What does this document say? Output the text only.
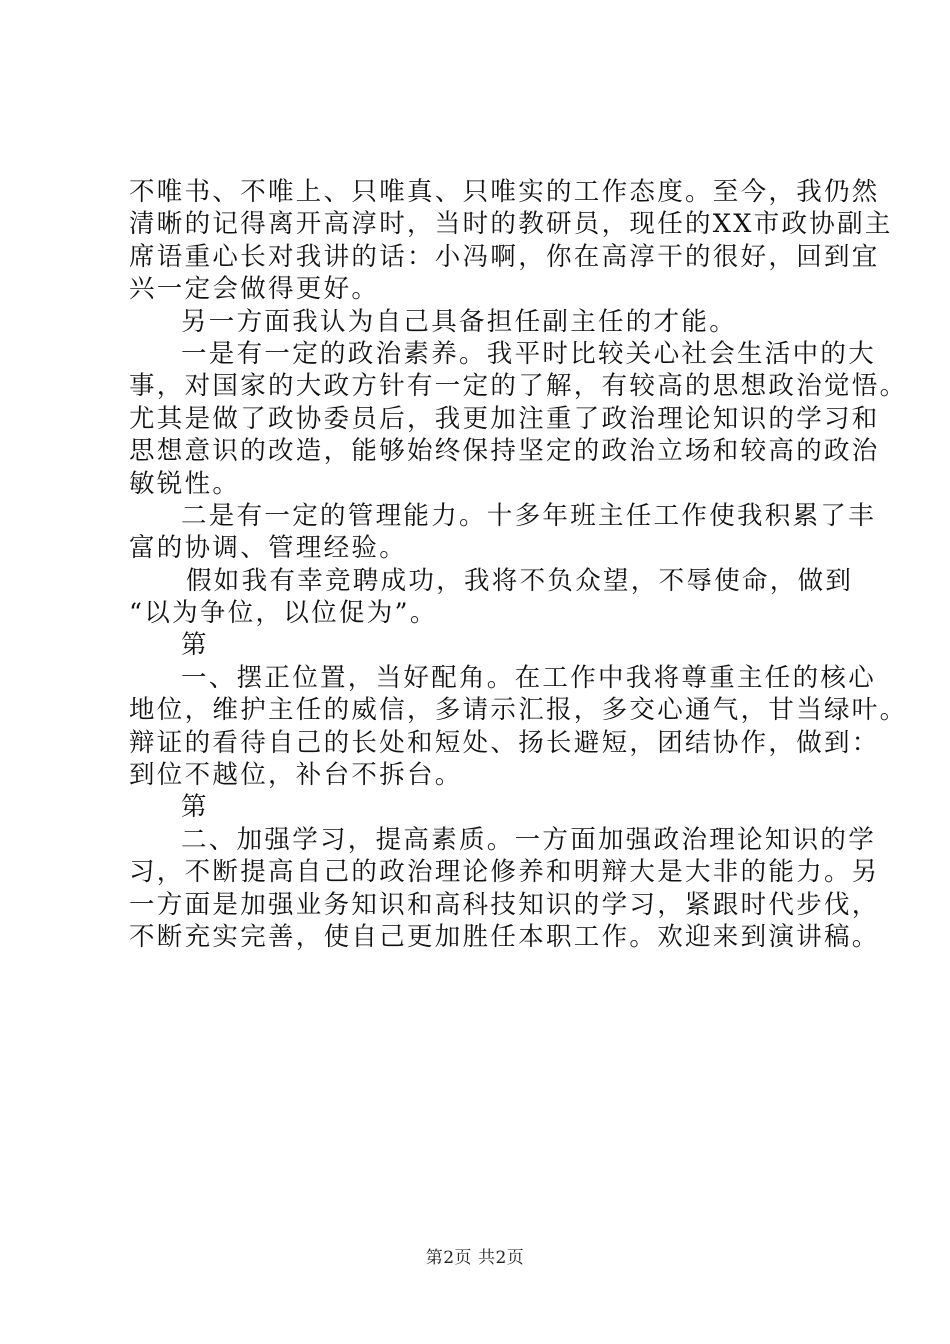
不唯书、不唯上、只唯真、只唯实的工作态度。至今，我仍然
清晰的记得离开高淳时，当时的教研员，现任的XX市政协副主
席语重心长对我讲的话：小冯啊，你在高淳干的很好，回到宜
兴一定会做得更好。
另一方面我认为自己具备担任副主任的才能。
一是有一定的政治素养。我平时比较关心社会生活中的大
事，对国家的大政方针有一定的了解，有较高的思想政治觉悟。
尤其是做了政协委员后，我更加注重了政治理论知识的学习和
思想意识的改造，能够始终保持坚定的政治立场和较高的政治
敏锐性。
二是有一定的管理能力。十多年班主任工作使我积累了丰
富的协调、管理经验。
假如我有幸竞聘成功，我将不负众望，不辱使命，做到
“以为争位，以位促为”。
第
一、摆正位置，当好配角。在工作中我将尊重主任的核心
地位，维护主任的威信，多请示汇报，多交心通气，甘当绿叶。
辩证的看待自己的长处和短处、扬长避短，团结协作，做到：
到位不越位，补台不拆台。
第
二、加强学习，提高素质。一方面加强政治理论知识的学
习，不断提高自己的政治理论修养和明辩大是大非的能力。另
一方面是加强业务知识和高科技知识的学习，紧跟时代步伐，
不断充实完善，使自己更加胜任本职工作。欢迎来到演讲稿。
第2页 共2页
